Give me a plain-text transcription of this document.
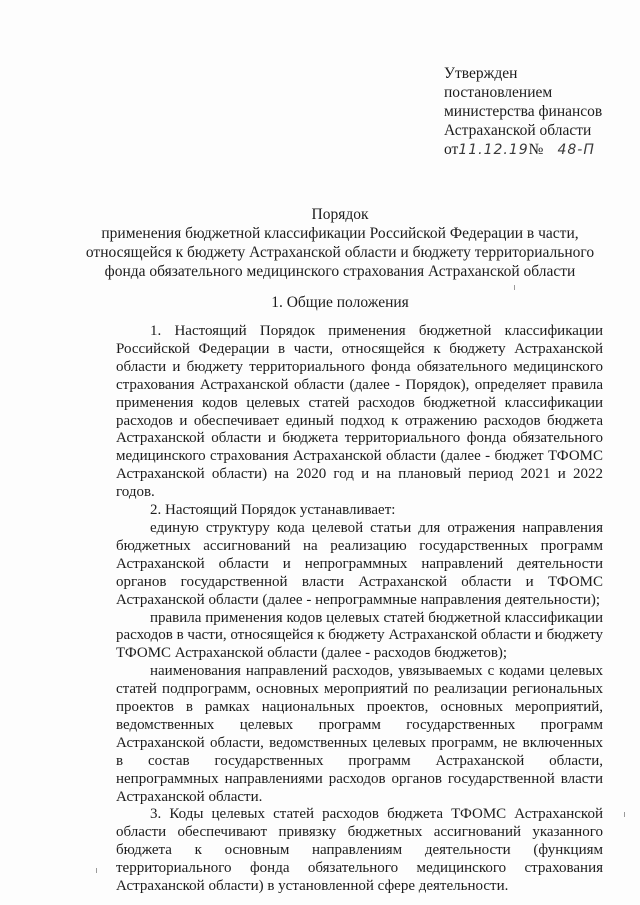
Утвержден
постановлением
министерства финансов
Астраханской области
от11.12.19№ 48-П
Порядок
применения бюджетной классификации Российской Федерации в части,
относящейся к бюджету Астраханской области и бюджету территориального
фонда обязательного медицинского страхования Астраханской области
1. Общие положения

1. Настоящий Порядок применения бюджетной классификации Российской Федерации в части, относящейся к бюджету Астраханской области и бюджету территориального фонда обязательного медицинского страхования Астраханской области (далее - Порядок), определяет правила применения кодов целевых статей расходов бюджетной классификации расходов и обеспечивает единый подход к отражению расходов бюджета Астраханской области и бюджета территориального фонда обязательного медицинского страхования Астраханской области (далее - бюджет ТФОМС Астраханской области) на 2020 год и на плановый период 2021 и 2022 годов.

2. Настоящий Порядок устанавливает:

единую структуру кода целевой статьи для отражения направления бюджетных ассигнований на реализацию государственных программ Астраханской области и непрограммных направлений деятельности органов государственной власти Астраханской области и ТФОМС Астраханской области (далее - непрограммные направления деятельности);

правила применения кодов целевых статей бюджетной классификации расходов в части, относящейся к бюджету Астраханской области и бюджету ТФОМС Астраханской области (далее - расходов бюджетов);

наименования направлений расходов, увязываемых с кодами целевых статей подпрограмм, основных мероприятий по реализации региональных проектов в рамках национальных проектов, основных мероприятий, ведомственных целевых программ государственных программ Астраханской области, ведомственных целевых программ, не включенных в состав государственных программ Астраханской области, непрограммных направлениями расходов органов государственной власти Астраханской области.

3. Коды целевых статей расходов бюджета ТФОМС Астраханской области обеспечивают привязку бюджетных ассигнований указанного бюджета к основным направлениям деятельности (функциям территориального фонда обязательного медицинского страхования Астраханской области) в установленной сфере деятельности.
